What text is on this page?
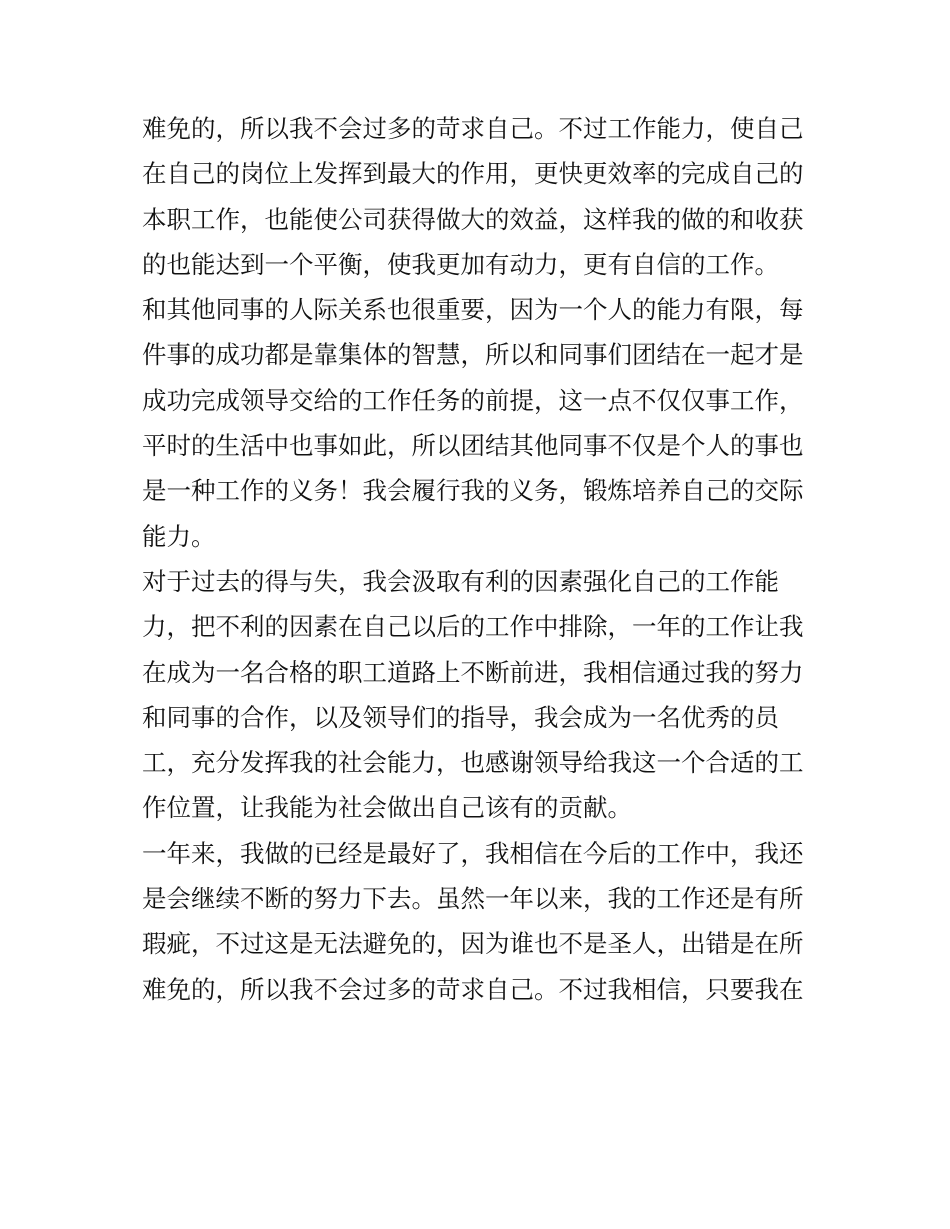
难免的，所以我不会过多的苛求自己。不过工作能力，使自己
在自己的岗位上发挥到最大的作用，更快更效率的完成自己的
本职工作，也能使公司获得做大的效益，这样我的做的和收获
的也能达到一个平衡，使我更加有动力，更有自信的工作。
和其他同事的人际关系也很重要，因为一个人的能力有限，每
件事的成功都是靠集体的智慧，所以和同事们团结在一起才是
成功完成领导交给的工作任务的前提，这一点不仅仅事工作，
平时的生活中也事如此，所以团结其他同事不仅是个人的事也
是一种工作的义务！我会履行我的义务，锻炼培养自己的交际
能力。
对于过去的得与失，我会汲取有利的因素强化自己的工作能
力，把不利的因素在自己以后的工作中排除，一年的工作让我
在成为一名合格的职工道路上不断前进，我相信通过我的努力
和同事的合作，以及领导们的指导，我会成为一名优秀的员
工，充分发挥我的社会能力，也感谢领导给我这一个合适的工
作位置，让我能为社会做出自己该有的贡献。
一年来，我做的已经是最好了，我相信在今后的工作中，我还
是会继续不断的努力下去。虽然一年以来，我的工作还是有所
瑕疵，不过这是无法避免的，因为谁也不是圣人，出错是在所
难免的，所以我不会过多的苛求自己。不过我相信，只要我在
